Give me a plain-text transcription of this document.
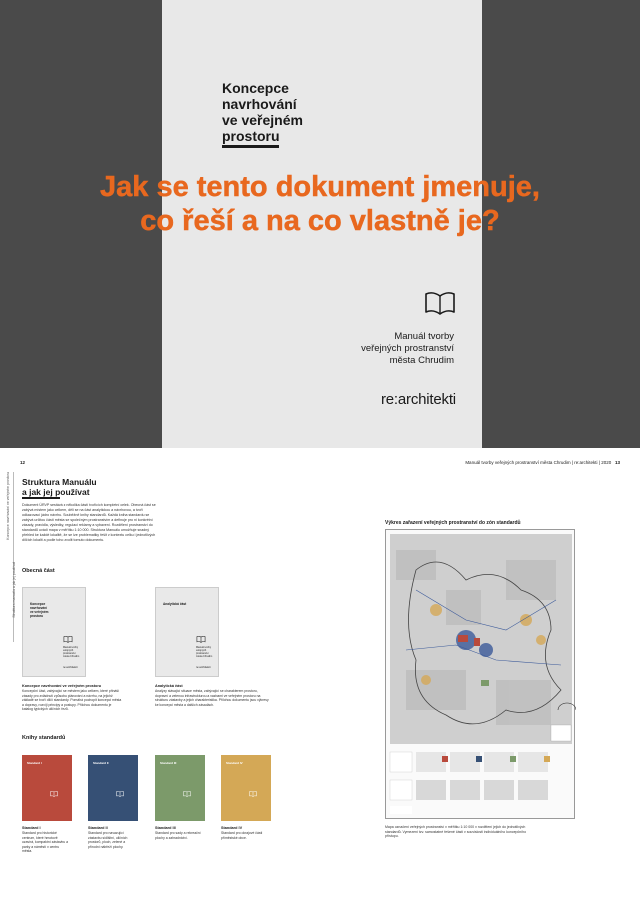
Koncepce
navrhování
ve veřejném
prostoru
Manuál tvorby
veřejných prostranství
města Chrudim
re:architekti
Jak se tento dokument jmenuje,
co řeší a na co vlastně je?
12	Manuál tvorby veřejných prostranství města Chrudim | re:architekti | 2020 13
Koncepce navrhování ve veřejném prostoru
Struktura manuálu a jak jej používat
Struktura Manuálu
a jak jej používat
Dokument ÚRVP sestává z několika částí tvořících kompletní celek. Obecná část se zabývá místem jako celkem, děli se na část analytickou a návrhovou, a tvoří odkazovací jádro návrhu. Souběžně knihy standardů. Každá kniha standardu se zabývá určitou částí města se společným prostranstvím a definuje pro ni konkrétní zásady, pravidla, výsledky, regulaci reklamy a vybavení. Rozdělení prostranství do standardů uvádí mapa v měřítku 1:10 000. Struktura Manuálu umožňuje snadný přehled ke každé lokalitě, že se lze problematiky řešit v kontextu celku i jednotlivých dílčích lokalit a podle toho zvolit tomuto dokumentu.
Obecná část
Koncepce
navrhování
ve veřejném
prostoru
Manuál tvorby
veřejných prostranství
města Chrudim
re:architekti
Analytická část
Manuál tvorby
veřejných prostranství
města Chrudim
re:architekti
Koncepce navrhování ve veřejném prostoru
Koncepční část, zabývající se městem jako celkem, které přináší zásady pro zvládnutí způsobu plánování a návrhu, na jejichž základě se tvoří dílčí standardy. Pomáhá pochopit koncepci města a dopravy, rozvíjí principy a postupy. Přílohou dokumentu je katalog typických uličních řezů.
Analytická část
Analýzy stávající situace města, zabývající se charakterem prostoru, dopravní a zelenou infrastrukturou a vazbami ve veřejném prostoru na strukturu zástavby a jejich charakteristika. Přílohou dokumentu jsou výkresy ke koncepci města a dalších zásadách.
Knihy standardů
Standard I	Standard II	Standard III	Standard IV
Standard I
Standard pro historické centrum, které hmotově uzavírá, kompaktní zástavbu a parky a náměstí v centru města.
Standard II
Standard pro navazující zástavbu sídlištní, uličních prostorů, ploch, zelené a přírodní nábřeží plochy.
Standard III
Standard pro sady a rekreační plochy a zahradnictví.
Standard IV
Standard pro okrajové části příměstské obce.
Výkres zařazení veřejných prostranství do zón standardů
Mapa označení veřejných prostranství v měřítku 1:10 000 v rozdělení jejich do jednotlivých standardů. Vymezení tzv. samostatné řešené části v souvislosti individuálního koncepčního přístupu.
